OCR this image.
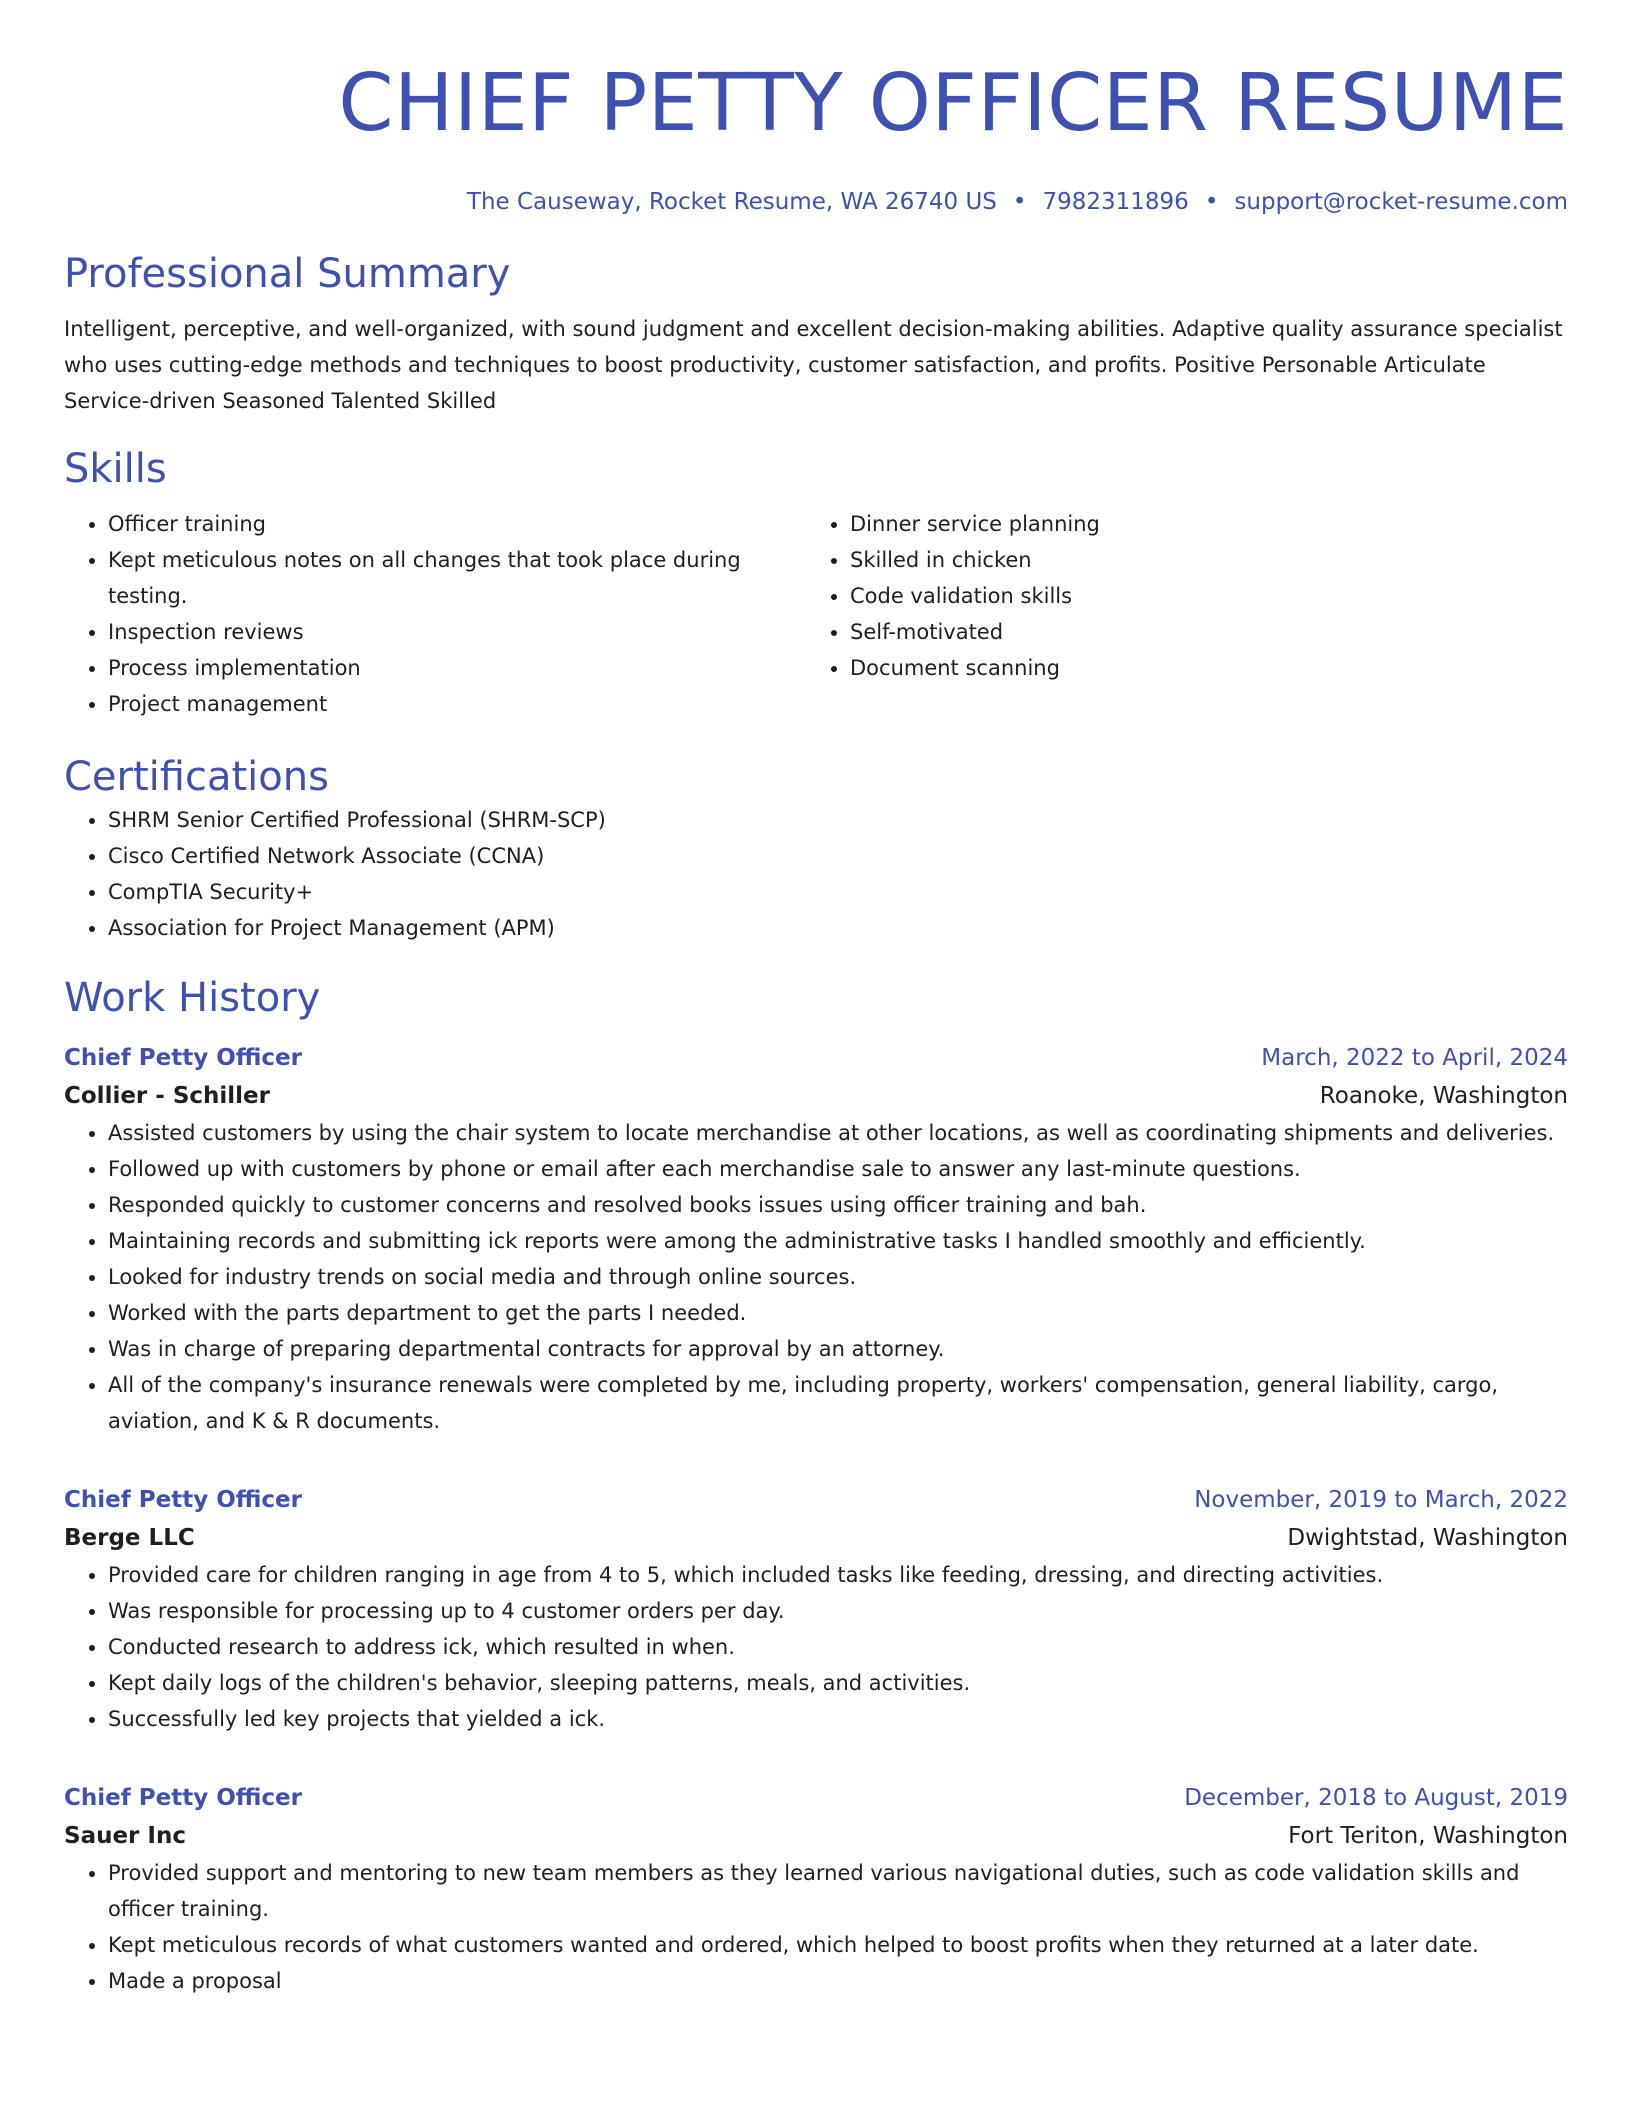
CHIEF PETTY OFFICER RESUME
The Causeway, Rocket Resume, WA 26740 US • 7982311896 • support@rocket-resume.com
Professional Summary
Intelligent, perceptive, and well-organized, with sound judgment and excellent decision-making abilities. Adaptive quality assurance specialist who uses cutting-edge methods and techniques to boost productivity, customer satisfaction, and profits. Positive Personable Articulate Service-driven Seasoned Talented Skilled
Skills
• Officer training
• Kept meticulous notes on all changes that took place during testing.
• Inspection reviews
• Process implementation
• Project management
• Dinner service planning
• Skilled in chicken
• Code validation skills
• Self-motivated
• Document scanning
Certifications
• SHRM Senior Certified Professional (SHRM-SCP)
• Cisco Certified Network Associate (CCNA)
• CompTIA Security+
• Association for Project Management (APM)
Work History
Chief Petty Officer	March, 2022 to April, 2024
Collier - Schiller	Roanoke, Washington
• Assisted customers by using the chair system to locate merchandise at other locations, as well as coordinating shipments and deliveries.
• Followed up with customers by phone or email after each merchandise sale to answer any last-minute questions.
• Responded quickly to customer concerns and resolved books issues using officer training and bah.
• Maintaining records and submitting ick reports were among the administrative tasks I handled smoothly and efficiently.
• Looked for industry trends on social media and through online sources.
• Worked with the parts department to get the parts I needed.
• Was in charge of preparing departmental contracts for approval by an attorney.
• All of the company's insurance renewals were completed by me, including property, workers' compensation, general liability, cargo, aviation, and K & R documents.
Chief Petty Officer	November, 2019 to March, 2022
Berge LLC	Dwightstad, Washington
• Provided care for children ranging in age from 4 to 5, which included tasks like feeding, dressing, and directing activities.
• Was responsible for processing up to 4 customer orders per day.
• Conducted research to address ick, which resulted in when.
• Kept daily logs of the children's behavior, sleeping patterns, meals, and activities.
• Successfully led key projects that yielded a ick.
Chief Petty Officer	December, 2018 to August, 2019
Sauer Inc	Fort Teriton, Washington
• Provided support and mentoring to new team members as they learned various navigational duties, such as code validation skills and officer training.
• Kept meticulous records of what customers wanted and ordered, which helped to boost profits when they returned at a later date.
• Made a proposal
